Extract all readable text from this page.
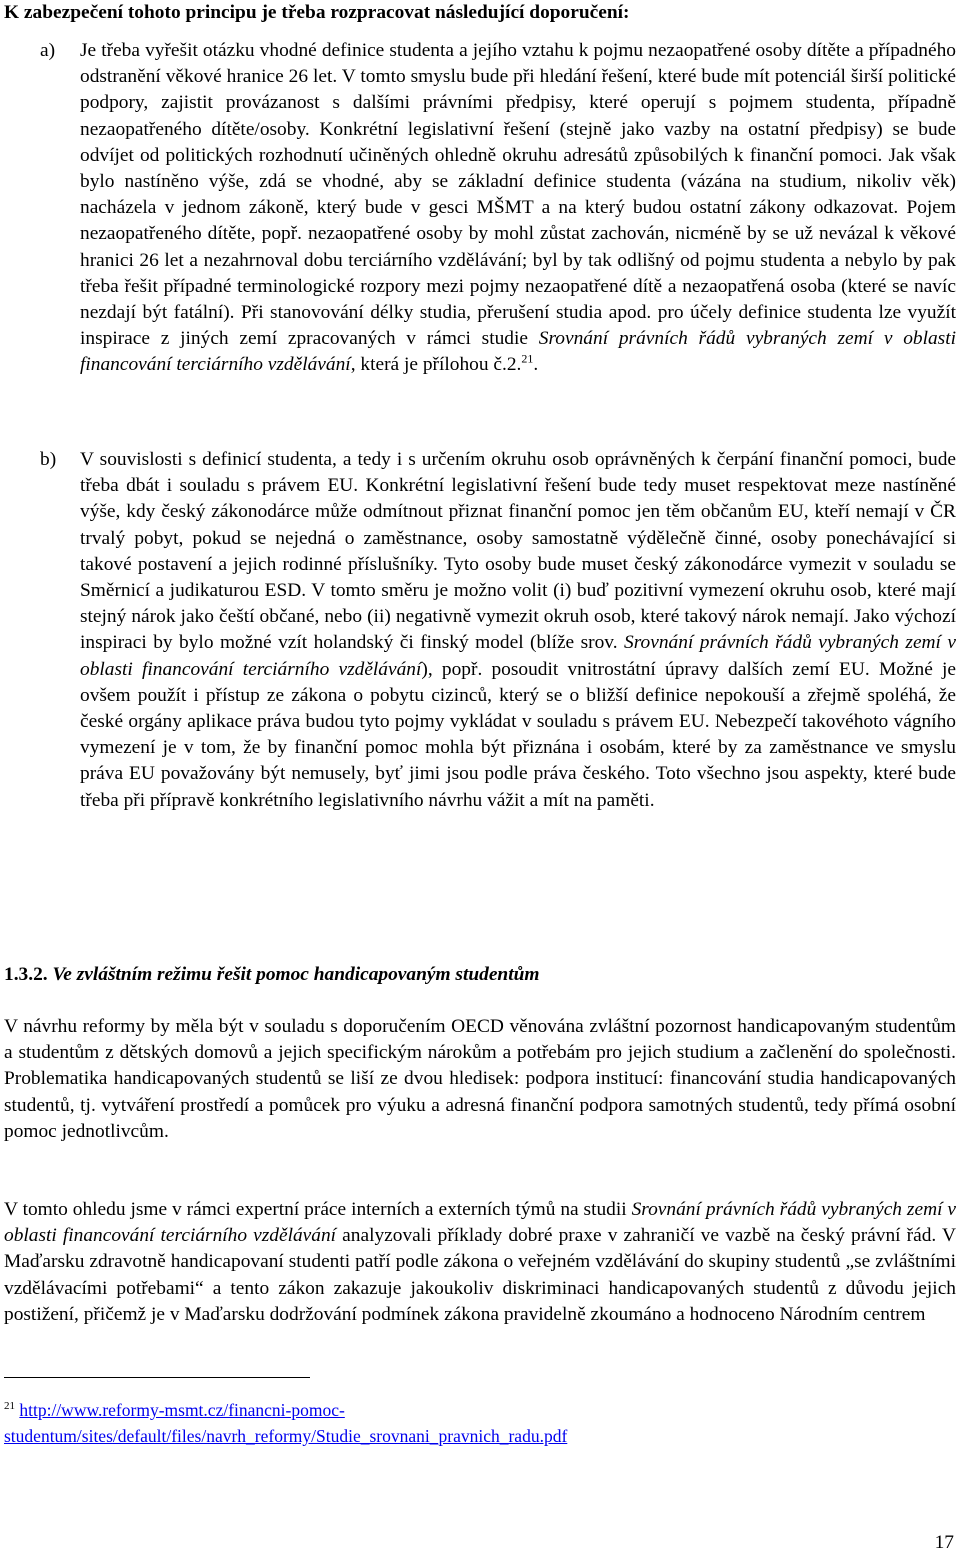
K zabezpečení tohoto principu je třeba rozpracovat následující doporučení:

a) Je třeba vyřešit otázku vhodné definice studenta a jejího vztahu k pojmu nezaopatřené osoby dítěte a případného odstranění věkové hranice 26 let. V tomto smyslu bude při hledání řešení, které bude mít potenciál širší politické podpory, zajistit provázanost s dalšími právními předpisy, které operují s pojmem studenta, případně nezaopatřeného dítěte/osoby. Konkrétní legislativní řešení (stejně jako vazby na ostatní předpisy) se bude odvíjet od politických rozhodnutí učiněných ohledně okruhu adresátů způsobilých k finanční pomoci. Jak však bylo nastíněno výše, zdá se vhodné, aby se základní definice studenta (vázána na studium, nikoliv věk) nacházela v jednom zákoně, který bude v gesci MŠMT a na který budou ostatní zákony odkazovat. Pojem nezaopatřeného dítěte, popř. nezaopatřené osoby by mohl zůstat zachován, nicméně by se už nevázal k věkové hranici 26 let a nezahrnoval dobu terciárního vzdělávání; byl by tak odlišný od pojmu studenta a nebylo by pak třeba řešit případné terminologické rozpory mezi pojmy nezaopatřené dítě a nezaopatřená osoba (které se navíc nezdají být fatální). Při stanovování délky studia, přerušení studia apod. pro účely definice studenta lze využít inspirace z jiných zemí zpracovaných v rámci studie Srovnání právních řádů vybraných zemí v oblasti financování terciárního vzdělávání, která je přílohou č.2.21.

b) V souvislosti s definicí studenta, a tedy i s určením okruhu osob oprávněných k čerpání finanční pomoci, bude třeba dbát i souladu s právem EU. Konkrétní legislativní řešení bude tedy muset respektovat meze nastíněné výše, kdy český zákonodárce může odmítnout přiznat finanční pomoc jen těm občanům EU, kteří nemají v ČR trvalý pobyt, pokud se nejedná o zaměstnance, osoby samostatně výdělečně činné, osoby ponechávající si takové postavení a jejich rodinné příslušníky. Tyto osoby bude muset český zákonodárce vymezit v souladu se Směrnicí a judikaturou ESD. V tomto směru je možno volit (i) buď pozitivní vymezení okruhu osob, které mají stejný nárok jako čeští občané, nebo (ii) negativně vymezit okruh osob, které takový nárok nemají. Jako výchozí inspiraci by bylo možné vzít holandský či finský model (blíže srov. Srovnání právních řádů vybraných zemí v oblasti financování terciárního vzdělávání), popř. posoudit vnitrostátní úpravy dalších zemí EU. Možné je ovšem použít i přístup ze zákona o pobytu cizinců, který se o bližší definice nepokouší a zřejmě spoléhá, že české orgány aplikace práva budou tyto pojmy vykládat v souladu s právem EU. Nebezpečí takovéhoto vágního vymezení je v tom, že by finanční pomoc mohla být přiznána i osobám, které by za zaměstnance ve smyslu práva EU považovány být nemusely, byť jimi jsou podle práva českého. Toto všechno jsou aspekty, které bude třeba při přípravě konkrétního legislativního návrhu vážit a mít na paměti.

1.3.2. Ve zvláštním režimu řešit pomoc handicapovaným studentům

V návrhu reformy by měla být v souladu s doporučením OECD věnována zvláštní pozornost handicapovaným studentům a studentům z dětských domovů a jejich specifickým nárokům a potřebám pro jejich studium a začlenění do společnosti. Problematika handicapovaných studentů se liší ze dvou hledisek: podpora institucí: financování studia handicapovaných studentů, tj. vytváření prostředí a pomůcek pro výuku a adresná finanční podpora samotných studentů, tedy přímá osobní pomoc jednotlivcům.

V tomto ohledu jsme v rámci expertní práce interních a externích týmů na studii Srovnání právních řádů vybraných zemí v oblasti financování terciárního vzdělávání analyzovali příklady dobré praxe v zahraničí ve vazbě na český právní řád. V Maďarsku zdravotně handicapovaní studenti patří podle zákona o veřejném vzdělávání do skupiny studentů „se zvláštními vzdělávacími potřebami“ a tento zákon zakazuje jakoukoliv diskriminaci handicapovaných studentů z důvodu jejich postižení, přičemž je v Maďarsku dodržování podmínek zákona pravidelně zkoumáno a hodnoceno Národním centrem

$^{21}$ http://www.reformy-msmt.cz/financni-pomoc-
studentum/sites/default/files/navrh_reformy/Studie_srovnani_pravnich_radu.pdf
17
